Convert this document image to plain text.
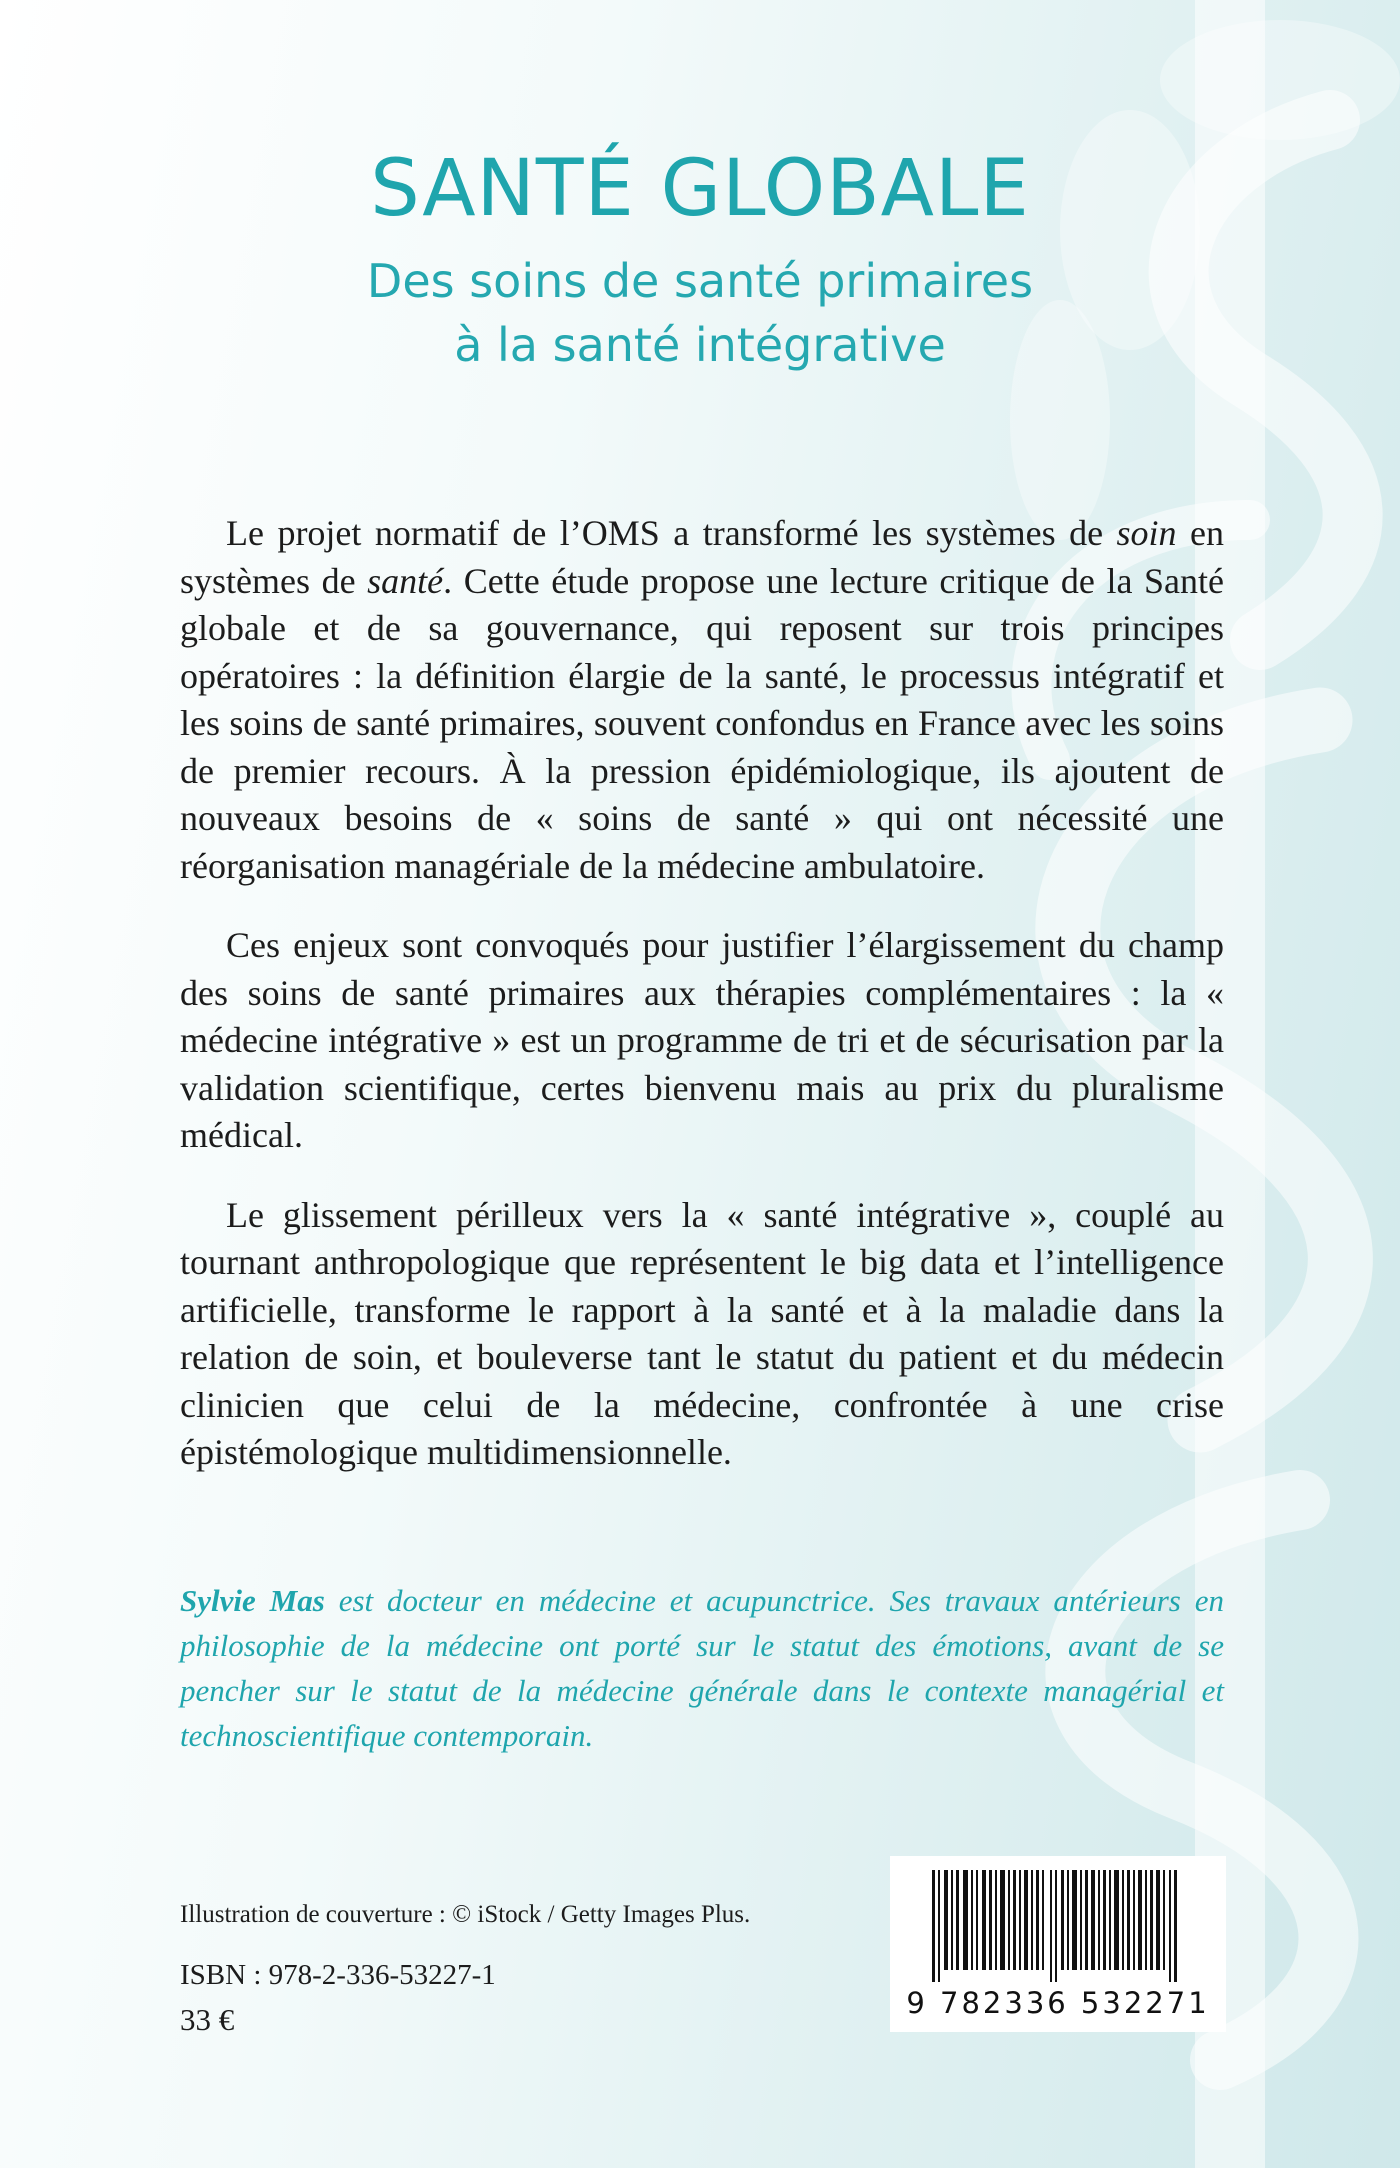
SANTÉ GLOBALE
Des soins de santé primaires
à la santé intégrative

Le projet normatif de l’OMS a transformé les systèmes de soin en systèmes de santé. Cette étude propose une lecture critique de la Santé globale et de sa gouvernance, qui reposent sur trois principes opératoires : la définition élargie de la santé, le processus intégratif et les soins de santé primaires, souvent confondus en France avec les soins de premier recours. À la pression épidémiologique, ils ajoutent de nouveaux besoins de « soins de santé » qui ont nécessité une réorganisation managériale de la médecine ambulatoire.

Ces enjeux sont convoqués pour justifier l’élargissement du champ des soins de santé primaires aux thérapies complémentaires : la « médecine intégrative » est un programme de tri et de sécurisation par la validation scientifique, certes bienvenu mais au prix du pluralisme médical.

Le glissement périlleux vers la « santé intégrative », couplé au tournant anthropologique que représentent le big data et l’intelligence artificielle, transforme le rapport à la santé et à la maladie dans la relation de soin, et bouleverse tant le statut du patient et du médecin clinicien que celui de la médecine, confrontée à une crise épistémologique multidimensionnelle.

Sylvie Mas est docteur en médecine et acupunctrice. Ses travaux antérieurs en philosophie de la médecine ont porté sur le statut des émotions, avant de se pencher sur le statut de la médecine générale dans le contexte managérial et technoscientifique contemporain.

Illustration de couverture : © iStock / Getty Images Plus.
ISBN : 978-2-336-53227-1
33 €	9 782336 532271
